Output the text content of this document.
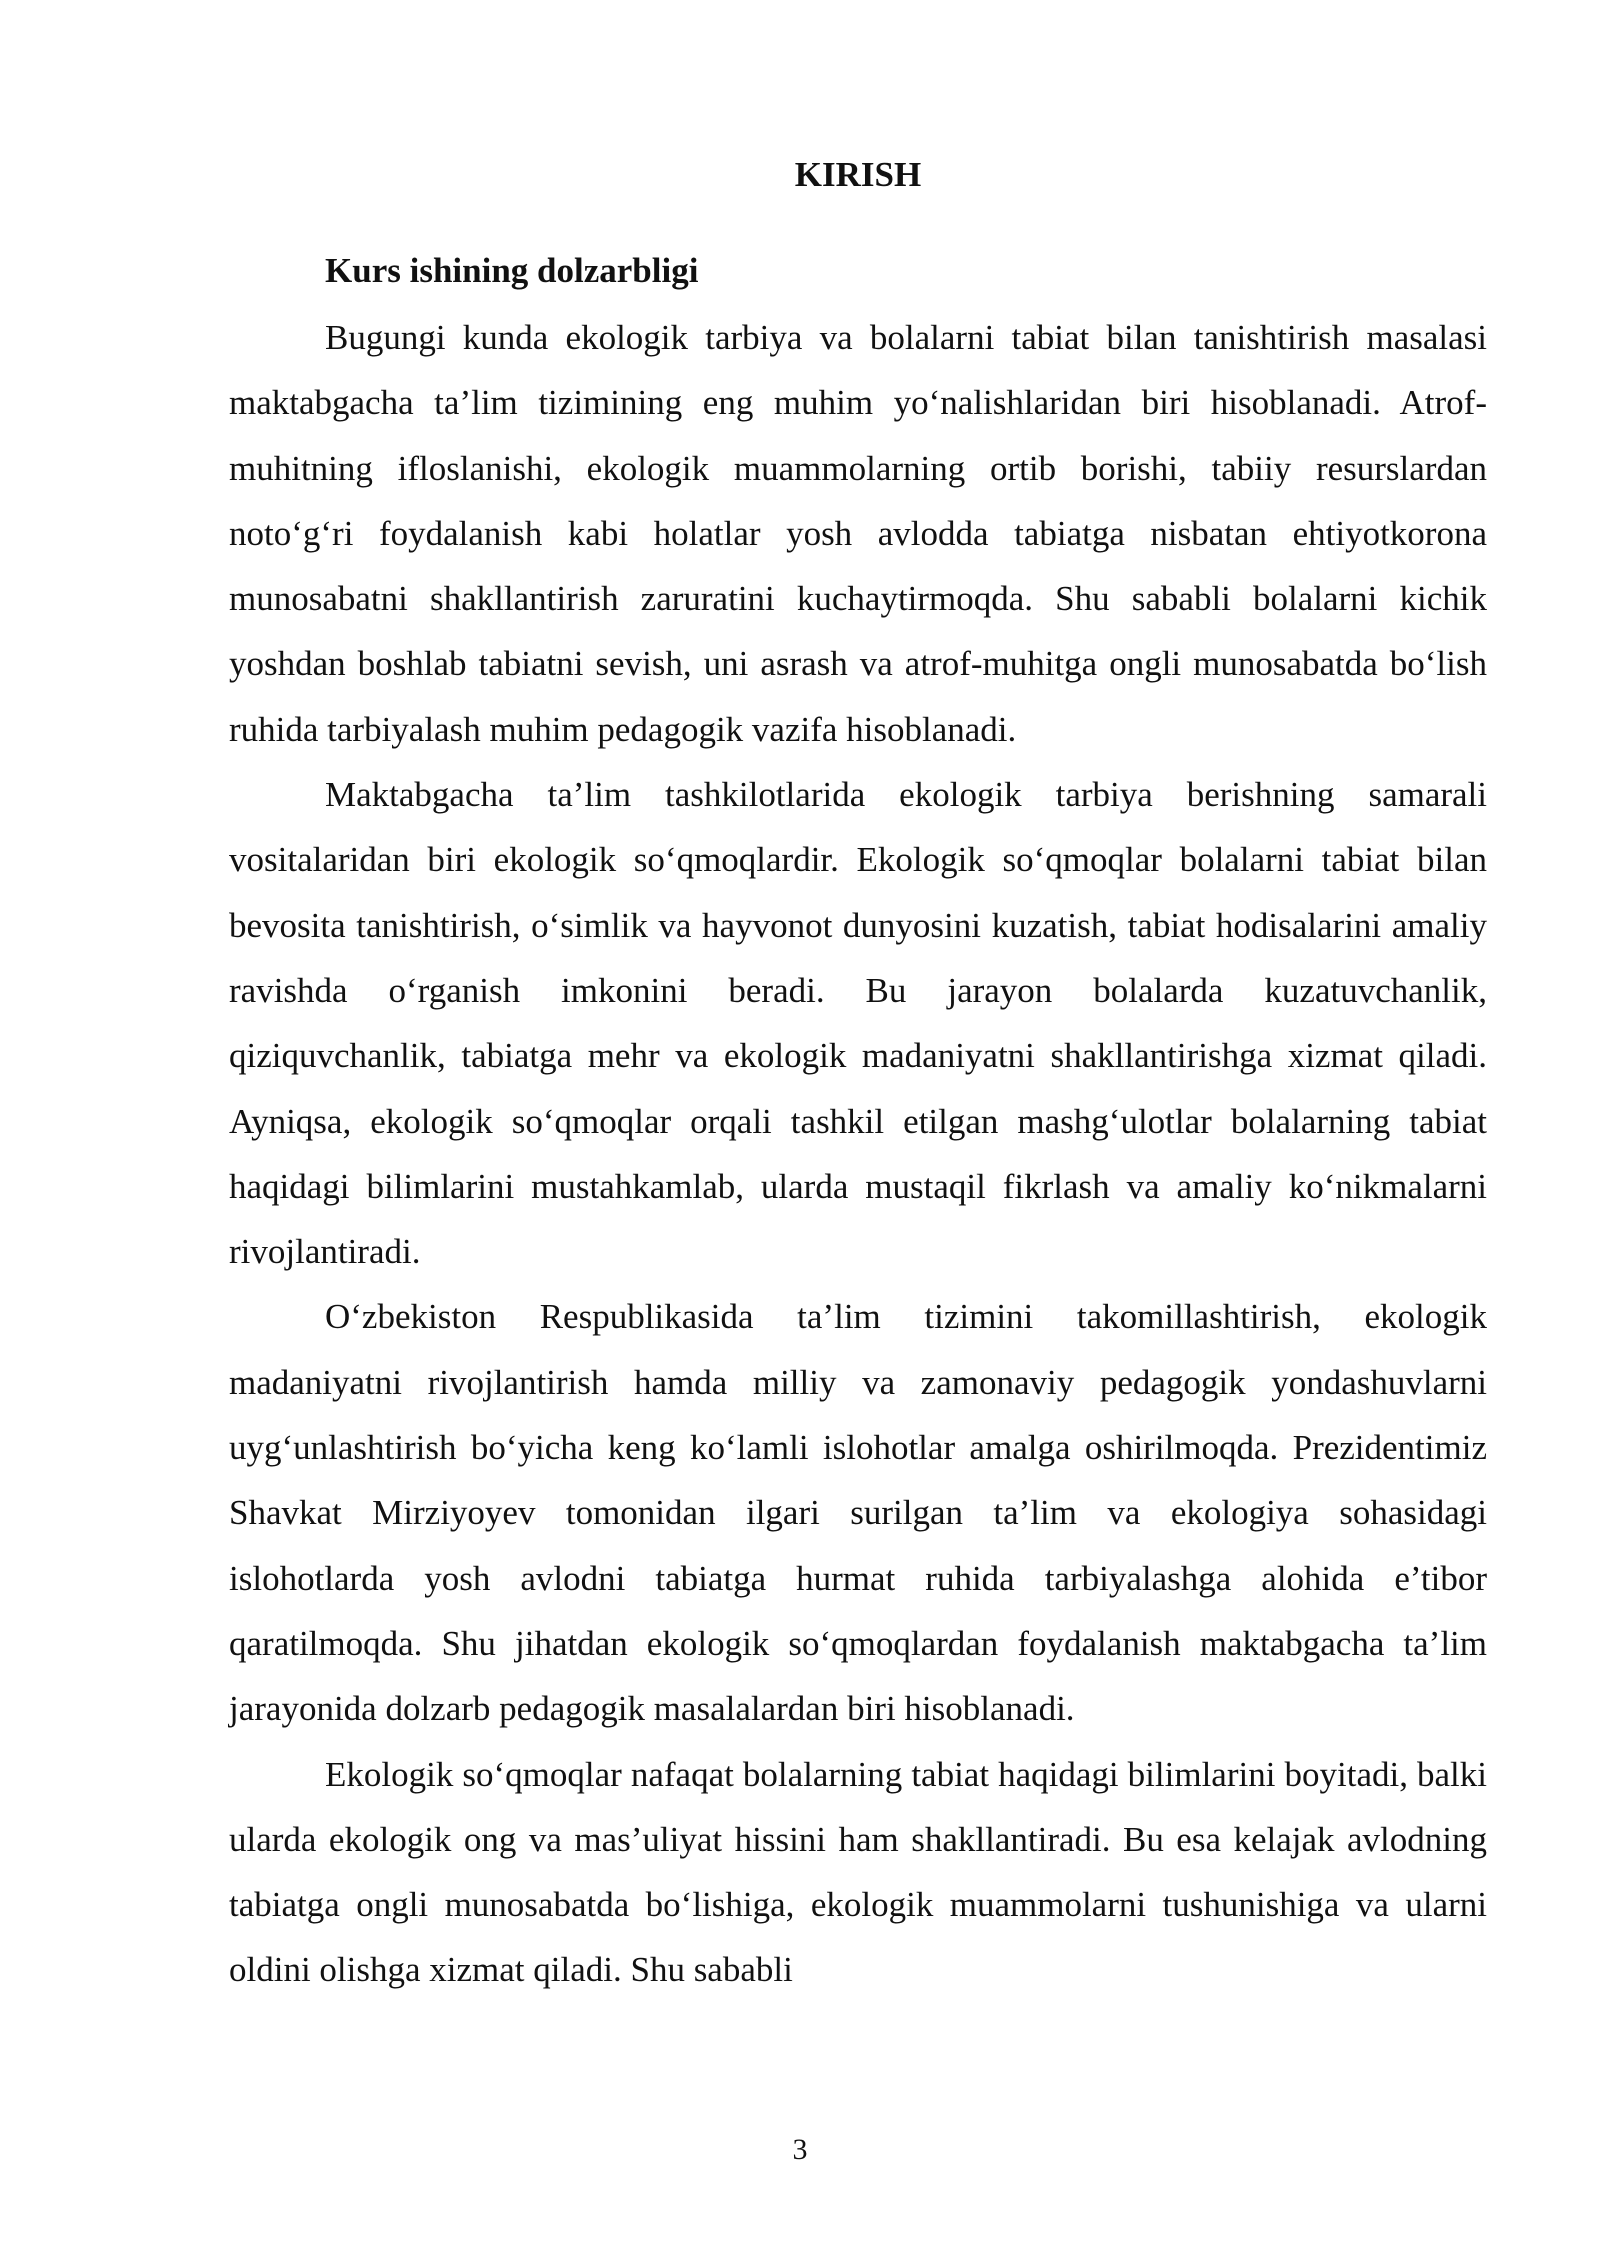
KIRISH
Kurs ishining dolzarbligi

Bugungi kunda ekologik tarbiya va bolalarni tabiat bilan tanishtirish masalasi maktabgacha ta’lim tizimining eng muhim yo‘nalishlaridan biri hisoblanadi. Atrof-muhitning ifloslanishi, ekologik muammolarning ortib borishi, tabiiy resurslardan noto‘g‘ri foydalanish kabi holatlar yosh avlodda tabiatga nisbatan ehtiyotkorona munosabatni shakllantirish zaruratini kuchaytirmoqda. Shu sababli bolalarni kichik yoshdan boshlab tabiatni sevish, uni asrash va atrof-muhitga ongli munosabatda bo‘lish ruhida tarbiyalash muhim pedagogik vazifa hisoblanadi.

Maktabgacha ta’lim tashkilotlarida ekologik tarbiya berishning samarali vositalaridan biri ekologik so‘qmoqlardir. Ekologik so‘qmoqlar bolalarni tabiat bilan bevosita tanishtirish, o‘simlik va hayvonot dunyosini kuzatish, tabiat hodisalarini amaliy ravishda o‘rganish imkonini beradi. Bu jarayon bolalarda kuzatuvchanlik, qiziquvchanlik, tabiatga mehr va ekologik madaniyatni shakllantirishga xizmat qiladi. Ayniqsa, ekologik so‘qmoqlar orqali tashkil etilgan mashg‘ulotlar bolalarning tabiat haqidagi bilimlarini mustahkamlab, ularda mustaqil fikrlash va amaliy ko‘nikmalarni rivojlantiradi.

O‘zbekiston Respublikasida ta’lim tizimini takomillashtirish, ekologik madaniyatni rivojlantirish hamda milliy va zamonaviy pedagogik yondashuvlarni uyg‘unlashtirish bo‘yicha keng ko‘lamli islohotlar amalga oshirilmoqda. Prezidentimiz Shavkat Mirziyoyev tomonidan ilgari surilgan ta’lim va ekologiya sohasidagi islohotlarda yosh avlodni tabiatga hurmat ruhida tarbiyalashga alohida e’tibor qaratilmoqda. Shu jihatdan ekologik so‘qmoqlardan foydalanish maktabgacha ta’lim jarayonida dolzarb pedagogik masalalardan biri hisoblanadi.

Ekologik so‘qmoqlar nafaqat bolalarning tabiat haqidagi bilimlarini boyitadi, balki ularda ekologik ong va mas’uliyat hissini ham shakllantiradi. Bu esa kelajak avlodning tabiatga ongli munosabatda bo‘lishiga, ekologik muammolarni tushunishiga va ularni oldini olishga xizmat qiladi. Shu sababli

3
